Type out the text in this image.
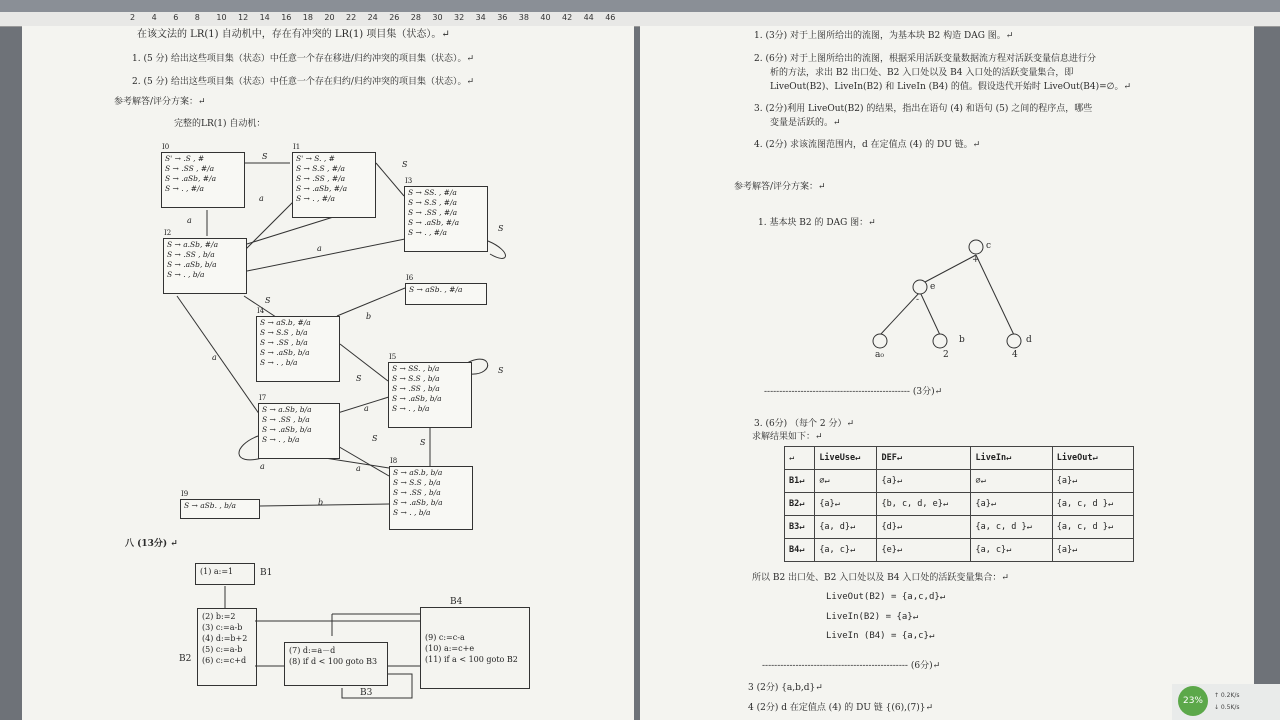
2 4 6 8 10 12 14 16 18 20 22 24 26 28 30 32 34 36 38 40 42 44 46
在该文法的 LR(1) 自动机中，存在有冲突的 LR(1) 项目集（状态）。↵
1. (5 分) 给出这些项目集（状态）中任意一个存在移进/归约冲突的项目集（状态）。↵
2. (5 分) 给出这些项目集（状态）中任意一个存在归约/归约冲突的项目集（状态）。↵
参考解答/评分方案：↵
完整的LR(1) 自动机：
S
S
a
a
a
S
S
b
S
a
a
S
S
a
S
a
b
I0
S' → .S , #
S → .SS , #/a
S → .aSb, #/a
S → . , #/a
I1
S' → S. , #
S → S.S , #/a
S → .SS , #/a
S → .aSb, #/a
S → . , #/a
I3
S → SS. , #/a
S → S.S , #/a
S → .SS , #/a
S → .aSb, #/a
S → . , #/a
I2
S → a.Sb, #/a
S → .SS , b/a
S → .aSb, b/a
S → . , b/a	I6
S → aSb. , #/a
I4
S → aS.b, #/a
S → S.S , b/a
S → .SS , b/a
S → .aSb, b/a
S → . , b/a
I5
S → SS. , b/a
S → S.S , b/a
S → .SS , b/a
S → .aSb, b/a
S → . , b/a
I7
S → a.Sb, b/a
S → .SS , b/a
S → .aSb, b/a
S → . , b/a
I8
S → aS.b, b/a
S → S.S , b/a
S → .SS , b/a
S → .aSb, b/a
S → . , b/a
I9
S → aSb. , b/a
八 (13分) ↵
(1) a:=1	B1
(2) b:=2
(3) c:=a-b
(4) d:=b+2
(5) c:=a-b
(6) c:=c+d
B2
(7) d:=a－d
(8) if d < 100 goto B3
B3
(9) c:=c-a
(10) a:=c+e
(11) if a < 100 goto B2
B4
1. (3分) 对于上图所给出的流图，为基本块 B2 构造 DAG 图。↵
2. (6分) 对于上图所给出的流图，根据采用活跃变量数据流方程对活跃变量信息进行分
析的方法，求出 B2 出口处、B2 入口处以及 B4 入口处的活跃变量集合，即
LiveOut(B2)、LiveIn(B2) 和 LiveIn (B4) 的值。假设迭代开始时 LiveOut(B4)=∅。↵
3. (2分)利用 LiveOut(B2) 的结果，指出在语句 (4) 和语句 (5) 之间的程序点，哪些
变量是活跃的。↵
4. (2分) 求该流图范围内，d 在定值点 (4) 的 DU 链。↵
参考解答/评分方案：↵
1. 基本块 B2 的 DAG 图：↵
c
+
e
-
a₀	2
b
4
d
------------------------------------------------ (3分)↵
3. (6分) （每个 2 分）↵
求解结果如下：↵
↵	LiveUse↵	DEF↵	LiveIn↵	LiveOut↵
B1↵	∅↵	{a}↵	∅↵	{a}↵
B2↵	{a}↵	{b, c, d, e}↵	{a}↵	{a, c, d }↵
B3↵	{a, d}↵	{d}↵	{a, c, d }↵	{a, c, d }↵
B4↵	{a, c}↵	{e}↵	{a, c}↵	{a}↵
所以 B2 出口处、B2 入口处以及 B4 入口处的活跃变量集合：↵
LiveOut(B2) = {a,c,d}↵
LiveIn(B2) = {a}↵
LiveIn (B4) = {a,c}↵
------------------------------------------------ (6分)↵
3 (2分) {a,b,d}↵
4 (2分) d 在定值点 (4) 的 DU 链 {(6),(7)}↵
23%
↑ 0.2K/s
↓ 0.5K/s
